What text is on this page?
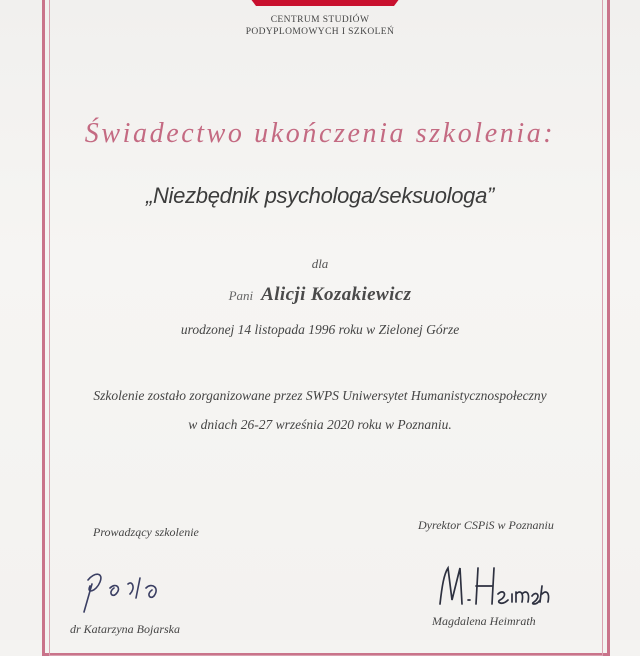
CENTRUM STUDIÓW
PODYPLOMOWYCH I SZKOLEŃ
Świadectwo ukończenia szkolenia:
„Niezbędnik psychologa/seksuologa”
dla
Pani Alicji Kozakiewicz
urodzonej 14 listopada 1996 roku w Zielonej Górze
Szkolenie zostało zorganizowane przez SWPS Uniwersytet Humanistycznospołeczny
w dniach 26-27 września 2020 roku w Poznaniu.
Prowadzący szkolenie	Dyrektor CSPiS w Poznaniu
dr Katarzyna Bojarska
Magdalena Heimrath
